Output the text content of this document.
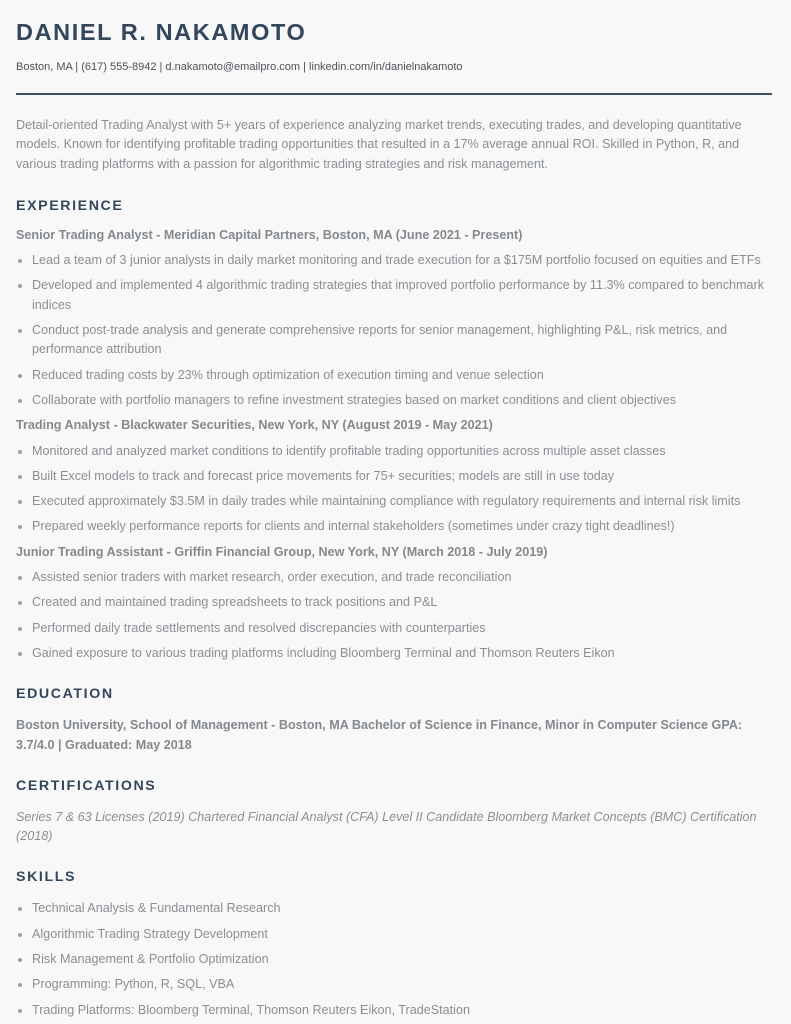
DANIEL R. NAKAMOTO
Boston, MA | (617) 555-8942 | d.nakamoto@emailpro.com | linkedin.com/in/danielnakamoto
Detail-oriented Trading Analyst with 5+ years of experience analyzing market trends, executing trades, and developing quantitative models. Known for identifying profitable trading opportunities that resulted in a 17% average annual ROI. Skilled in Python, R, and various trading platforms with a passion for algorithmic trading strategies and risk management.
EXPERIENCE
Senior Trading Analyst - Meridian Capital Partners, Boston, MA (June 2021 - Present)
Lead a team of 3 junior analysts in daily market monitoring and trade execution for a $175M portfolio focused on equities and ETFs
Developed and implemented 4 algorithmic trading strategies that improved portfolio performance by 11.3% compared to benchmark indices
Conduct post-trade analysis and generate comprehensive reports for senior management, highlighting P&L, risk metrics, and performance attribution
Reduced trading costs by 23% through optimization of execution timing and venue selection
Collaborate with portfolio managers to refine investment strategies based on market conditions and client objectives
Trading Analyst - Blackwater Securities, New York, NY (August 2019 - May 2021)
Monitored and analyzed market conditions to identify profitable trading opportunities across multiple asset classes
Built Excel models to track and forecast price movements for 75+ securities; models are still in use today
Executed approximately $3.5M in daily trades while maintaining compliance with regulatory requirements and internal risk limits
Prepared weekly performance reports for clients and internal stakeholders (sometimes under crazy tight deadlines!)
Junior Trading Assistant - Griffin Financial Group, New York, NY (March 2018 - July 2019)
Assisted senior traders with market research, order execution, and trade reconciliation
Created and maintained trading spreadsheets to track positions and P&L
Performed daily trade settlements and resolved discrepancies with counterparties
Gained exposure to various trading platforms including Bloomberg Terminal and Thomson Reuters Eikon
EDUCATION
Boston University, School of Management - Boston, MA Bachelor of Science in Finance, Minor in Computer Science GPA: 3.7/4.0 | Graduated: May 2018
CERTIFICATIONS
Series 7 & 63 Licenses (2019) Chartered Financial Analyst (CFA) Level II Candidate Bloomberg Market Concepts (BMC) Certification (2018)
SKILLS
Technical Analysis & Fundamental Research
Algorithmic Trading Strategy Development
Risk Management & Portfolio Optimization
Programming: Python, R, SQL, VBA
Trading Platforms: Bloomberg Terminal, Thomson Reuters Eikon, TradeStation
